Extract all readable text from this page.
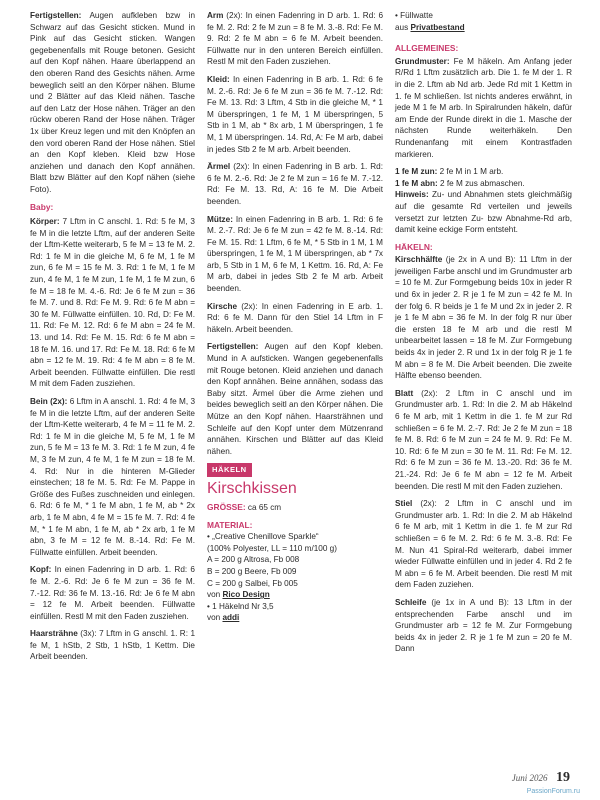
Fertigstellen: Augen aufkleben bzw in Schwarz auf das Gesicht sticken. Mund in Pink auf das Gesicht sticken. Wangen gegebenenfalls mit Rouge betonen. Gesicht auf den Kopf nähen. Haare überlappend an den oberen Rand des Gesichts nähen. Arme beweglich seitl an den Körper nähen. Blume und 2 Blätter auf das Kleid nähen. Tasche auf den Latz der Hose nähen. Träger an den rückw oberen Rand der Hose nähen. Träger 1x über Kreuz legen und mit den Knöpfen an den vord oberen Rand der Hose nähen. Stiel an den Kopf kleben. Kleid bzw Hose anziehen und danach den Kopf annähen. Blatt bzw Blätter auf den Kopf nähen (siehe Foto).

Baby:

Körper: 7 Lftm in C anschl. 1. Rd: 5 fe M, 3 fe M in die letzte Lftm, auf der anderen Seite der Lftm-Kette weiterarb, 5 fe M = 13 fe M. 2. Rd: 1 fe M in die gleiche M, 6 fe M, 1 fe M zun, 6 fe M = 15 fe M. 3. Rd: 1 fe M, 1 fe M zun, 4 fe M, 1 fe M zun, 1 fe M, 1 fe M zun, 6 fe M = 18 fe M. 4.-6. Rd: Je 6 fe M zun = 36 fe M. 7. und 8. Rd: Fe M. 9. Rd: 6 fe M abn = 30 fe M. Füllwatte einfüllen. 10. Rd, D: Fe M. 11. Rd: Fe M. 12. Rd: 6 fe M abn = 24 fe M. 13. und 14. Rd: Fe M. 15. Rd: 6 fe M abn = 18 fe M. 16. und 17. Rd: Fe M. 18. Rd: 6 fe M abn = 12 fe M. 19. Rd: 4 fe M abn = 8 fe M. Arbeit beenden. Füllwatte einfüllen. Die restl M mit dem Faden zusziehen.

Bein (2x): 6 Lftm in A anschl. 1. Rd: 4 fe M, 3 fe M in die letzte Lftm, auf der anderen Seite der Lftm-Kette weiterarb, 4 fe M = 11 fe M. 2. Rd: 1 fe M in die gleiche M, 5 fe M, 1 fe M zun, 5 fe M = 13 fe M. 3. Rd: 1 fe M zun, 4 fe M, 3 fe M zun, 4 fe M, 1 fe M zun = 18 fe M. 4. Rd: Nur in die hinteren M-Glieder einstechen; 18 fe M. 5. Rd: Fe M. Pappe in Größe des Fußes zuschneiden und einlegen. 6. Rd: 6 fe M, * 1 fe M abn, 1 fe M, ab * 2x arb, 1 fe M abn, 4 fe M = 15 fe M. 7. Rd: 4 fe M, * 1 fe M abn, 1 fe M, ab * 2x arb, 1 fe M abn, 3 fe M = 12 fe M. 8.-14. Rd: Fe M. Füllwatte einfüllen. Arbeit beenden.

Kopf: In einen Fadenring in D arb. 1. Rd: 6 fe M. 2.-6. Rd: Je 6 fe M zun = 36 fe M. 7.-12. Rd: 36 fe M. 13.-16. Rd: Je 6 fe M abn = 12 fe M. Arbeit beenden. Füllwatte einfüllen. Restl M mit den Faden zusziehen.

Haarsträhne (3x): 7 Lftm in G anschl. 1. R: 1 fe M, 1 hStb, 2 Stb, 1 hStb, 1 Kettm. Die Arbeit beenden.

Arm (2x): In einen Fadenring in D arb. 1. Rd: 6 fe M. 2. Rd: 2 fe M zun = 8 fe M. 3.-8. Rd: Fe M. 9. Rd: 2 fe M abn = 6 fe M. Arbeit beenden. Füllwatte nur in den unteren Bereich einfüllen. Restl M mit den Faden zusziehen.

Kleid: In einen Fadenring in B arb. 1. Rd: 6 fe M. 2.-6. Rd: Je 6 fe M zun = 36 fe M. 7.-12. Rd: Fe M. 13. Rd: 3 Lftm, 4 Stb in die gleiche M, * 1 M überspringen, 1 fe M, 1 M überspringen, 5 Stb in 1 M, ab * 8x arb, 1 M überspringen, 1 fe M, 1 M überspringen. 14. Rd, A: Fe M arb, dabei in jedes Stb 2 fe M arb. Arbeit beenden.

Ärmel (2x): In einen Fadenring in B arb. 1. Rd: 6 fe M. 2.-6. Rd: Je 2 fe M zun = 16 fe M. 7.-12. Rd: Fe M. 13. Rd, A: 16 fe M. Die Arbeit beenden.

Mütze: In einen Fadenring in B arb. 1. Rd: 6 fe M. 2.-7. Rd: Je 6 fe M zun = 42 fe M. 8.-14. Rd: Fe M. 15. Rd: 1 Lftm, 6 fe M, * 5 Stb in 1 M, 1 M überspringen, 1 fe M, 1 M überspringen, ab * 7x arb, 5 Stb in 1 M, 6 fe M, 1 Kettm. 16. Rd, A: Fe M arb, dabei in jedes Stb 2 fe M arb. Arbeit beenden.

Kirsche (2x): In einen Fadenring in E arb. 1. Rd: 6 fe M. Dann für den Stiel 14 Lftm in F häkeln. Arbeit beenden.

Fertigstellen: Augen auf den Kopf kleben. Mund in A aufsticken. Wangen gegebenenfalls mit Rouge betonen. Kleid anziehen und danach den Kopf annähen. Beine annähen, sodass das Baby sitzt. Ärmel über die Arme ziehen und beides beweglich seitl an den Körper nähen. Die Mütze an den Kopf nähen. Haarsträhnen und Schleife auf den Kopf unter dem Mützenrand annähen. Kirschen und Blätter auf das Kleid nähen.

HÄKELN
Kirschkissen
GRÖSSE: ca 65 cm
MATERIAL:
• „Creative Chenillove Sparkle“
(100% Polyester, LL = 110 m/100 g)
A = 200 g Altrosa, Fb 008
B = 200 g Beere, Fb 009
C = 200 g Salbei, Fb 005
von Rico Design
• 1 Häkelnd Nr 3,5
von addi
• Füllwatte
aus Privatbestand
ALLGEMEINES:

Grundmuster: Fe M häkeln. Am Anfang jeder R/Rd 1 Lftm zusätzlich arb. Die 1. fe M der 1. R in die 2. Lftm ab Nd arb. Jede Rd mit 1 Kettm in 1. fe M schließen. Ist nichts anderes erwähnt, in jede M 1 fe M arb. In Spiralrunden häkeln, dafür am Ende der Runde direkt in die 1. Masche der nächsten Runde weiterhäkeln. Den Rundenanfang mit einem Kontrastfaden markieren.

1 fe M zun: 2 fe M in 1 M arb.
1 fe M abn: 2 fe M zus abmaschen.

Hinweis: Zu- und Abnahmen stets gleichmäßig auf die gesamte Rd verteilen und jeweils versetzt zur letzten Zu- bzw Abnahme-Rd arb, damit keine eckige Form entsteht.

HÄKELN:

Kirschhälfte (je 2x in A und B): 11 Lftm in der jeweiligen Farbe anschl und im Grundmuster arb = 10 fe M. Zur Formgebung beids 10x in jeder R und 6x in jeder 2. R je 1 fe M zun = 42 fe M. In der folg 6. R beids je 1 fe M und 2x in jeder 2. R je 1 fe M abn = 36 fe M. In der folg R nur über die ersten 18 fe M arb und die restl M unbearbeitet lassen = 18 fe M. Zur Formgebung beids 4x in jeder 2. R und 1x in der folg R je 1 fe M abn = 8 fe M. Die Arbeit beenden. Die zweite Hälfte ebenso beenden.

Blatt (2x): 2 Lftm in C anschl und im Grundmuster arb. 1. Rd: In die 2. M ab Häkelnd 6 fe M arb, mit 1 Kettm in die 1. fe M zur Rd schließen = 6 fe M. 2.-7. Rd: Je 2 fe M zun = 18 fe M. 8. Rd: 6 fe M zun = 24 fe M. 9. Rd: Fe M. 10. Rd: 6 fe M zun = 30 fe M. 11. Rd: Fe M. 12. Rd: 6 fe M zun = 36 fe M. 13.-20. Rd: 36 fe M. 21.-24. Rd: Je 6 fe M abn = 12 fe M. Arbeit beenden. Die restl M mit den Faden zuziehen.

Stiel (2x): 2 Lftm in C anschl und im Grundmuster arb. 1. Rd: In die 2. M ab Häkelnd 6 fe M arb, mit 1 Kettm in die 1. fe M zur Rd schließen = 6 fe M. 2. Rd: 6 fe M. 3.-8. Rd: Fe M. Nun 41 Spiral-Rd weiterarb, dabei immer wieder Füllwatte einfüllen und in jeder 4. Rd 2 fe M abn = 6 fe M. Arbeit beenden. Die restl M mit dem Faden zuziehen.

Schleife (je 1x in A und B): 13 Lftm in der entsprechenden Farbe anschl und im Grundmuster arb = 12 fe M. Zur Formgebung beids 4x in jeder 2. R je 1 fe M zun = 20 fe M. Dann

Juni 2026 19
PassionForum.ru
